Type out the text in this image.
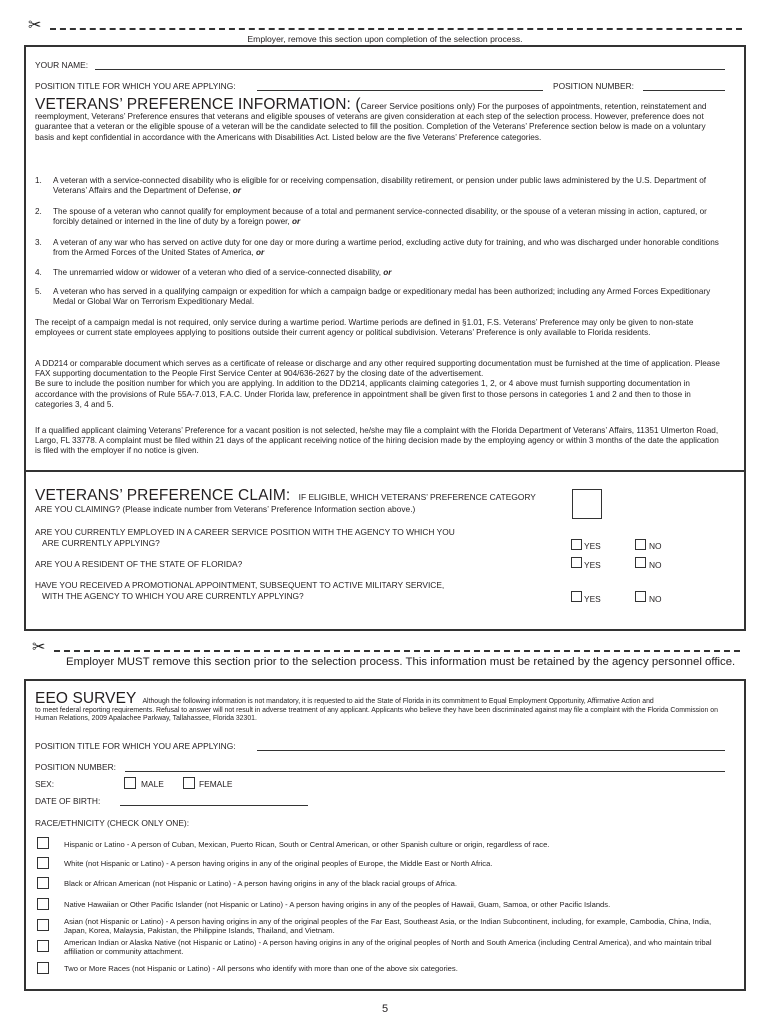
✂
Employer, remove this section upon completion of the selection process.
YOUR NAME:
POSITION TITLE FOR WHICH YOU ARE APPLYING:	POSITION NUMBER:
VETERANS’ PREFERENCE INFORMATION: (Career Service positions only) For the purposes of appointments, retention, reinstatement and reemployment, Veterans’ Preference ensures that veterans and eligible spouses of veterans are given consideration at each step of the selection process. However, preference does not guarantee that a veteran or the eligible spouse of a veteran will be the candidate selected to fill the position. Completion of the Veterans’ Preference section below is made on a voluntary basis and kept confidential in accordance with the Americans with Disabilities Act. Listed below are the five Veterans’ Preference categories.
1. A veteran with a service-connected disability who is eligible for or receiving compensation, disability retirement, or pension under public laws administered by the U.S. Department of Veterans’ Affairs and the Department of Defense, or
2. The spouse of a veteran who cannot qualify for employment because of a total and permanent service-connected disability, or the spouse of a veteran missing in action, captured, or forcibly detained or interned in the line of duty by a foreign power, or
3. A veteran of any war who has served on active duty for one day or more during a wartime period, excluding active duty for training, and who was discharged under honorable conditions from the Armed Forces of the United States of America, or
4. The unremarried widow or widower of a veteran who died of a service-connected disability, or
5. A veteran who has served in a qualifying campaign or expedition for which a campaign badge or expeditionary medal has been authorized; including any Armed Forces Expeditionary Medal or Global War on Terrorism Expeditionary Medal.
The receipt of a campaign medal is not required, only service during a wartime period. Wartime periods are defined in §1.01, F.S. Veterans’ Preference may only be given to non-state employees or current state employees applying to positions outside their current agency or political subdivision. Veterans’ Preference is only available to Florida residents.
A DD214 or comparable document which serves as a certificate of release or discharge and any other required supporting documentation must be furnished at the time of application. Please FAX supporting documentation to the People First Service Center at 904/636-2627 by the closing date of the advertisement.
Be sure to include the position number for which you are applying. In addition to the DD214, applicants claiming categories 1, 2, or 4 above must furnish supporting documentation in accordance with the provisions of Rule 55A-7.013, F.A.C. Under Florida law, preference in appointment shall be given first to those persons in categories 1 and 2 and then to those in categories 3, 4 and 5.
If a qualified applicant claiming Veterans’ Preference for a vacant position is not selected, he/she may file a complaint with the Florida Department of Veterans’ Affairs, 11351 Ulmerton Road, Largo, FL 33778. A complaint must be filed within 21 days of the applicant receiving notice of the hiring decision made by the employing agency or within 3 months of the date the application is filed with the employer if no notice is given.
VETERANS’ PREFERENCE CLAIM: IF ELIGIBLE, WHICH VETERANS’ PREFERENCE CATEGORY
ARE YOU CLAIMING? (Please indicate number from Veterans’ Preference Information section above.)
ARE YOU CURRENTLY EMPLOYED IN A CAREER SERVICE POSITION WITH THE AGENCY TO WHICH YOU
ARE CURRENTLY APPLYING?	YES	NO
ARE YOU A RESIDENT OF THE STATE OF FLORIDA?	YES	NO
HAVE YOU RECEIVED A PROMOTIONAL APPOINTMENT, SUBSEQUENT TO ACTIVE MILITARY SERVICE,
WITH THE AGENCY TO WHICH YOU ARE CURRENTLY APPLYING?	YES	NO
✂
Employer MUST remove this section prior to the selection process. This information must be retained by the agency personnel office.
EEO SURVEY Although the following information is not mandatory, it is requested to aid the State of Florida in its commitment to Equal Employment Opportunity, Affirmative Action and
to meet federal reporting requirements. Refusal to answer will not result in adverse treatment of any applicant. Applicants who believe they have been discriminated against may file a complaint with the Florida Commission on Human Relations, 2009 Apalachee Parkway, Tallahassee, Florida 32301.
POSITION TITLE FOR WHICH YOU ARE APPLYING:
POSITION NUMBER:
SEX:	MALE	FEMALE
DATE OF BIRTH:
RACE/ETHNICITY (CHECK ONLY ONE):
Hispanic or Latino - A person of Cuban, Mexican, Puerto Rican, South or Central American, or other Spanish culture or origin, regardless of race.
White (not Hispanic or Latino) - A person having origins in any of the original peoples of Europe, the Middle East or North Africa.
Black or African American (not Hispanic or Latino) - A person having origins in any of the black racial groups of Africa.
Native Hawaiian or Other Pacific Islander (not Hispanic or Latino) - A person having origins in any of the peoples of Hawaii, Guam, Samoa, or other Pacific Islands.
Asian (not Hispanic or Latino) - A person having origins in any of the original peoples of the Far East, Southeast Asia, or the Indian Subcontinent, including, for example, Cambodia, China, India, Japan, Korea, Malaysia, Pakistan, the Philippine Islands, Thailand, and Vietnam.
American Indian or Alaska Native (not Hispanic or Latino) - A person having origins in any of the original peoples of North and South America (including Central America), and who maintain tribal affiliation or community attachment.
Two or More Races (not Hispanic or Latino) - All persons who identify with more than one of the above six categories.
5
